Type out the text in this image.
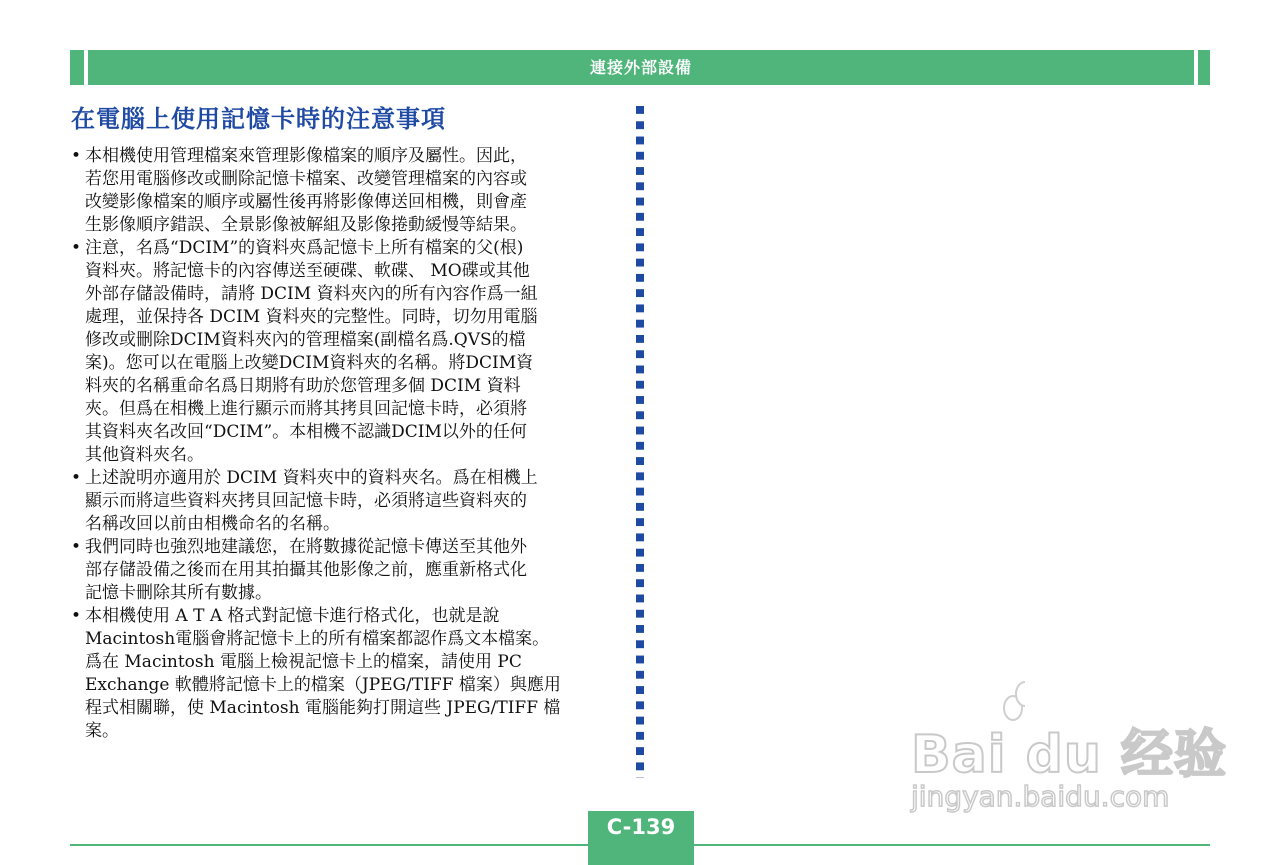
連接外部設備
在電腦上使用記憶卡時的注意事項
• 本相機使用管理檔案來管理影像檔案的順序及屬性。因此，
若您用電腦修改或刪除記憶卡檔案、改變管理檔案的內容或
改變影像檔案的順序或屬性後再將影像傳送回相機，則會產
生影像順序錯誤、全景影像被解組及影像捲動緩慢等結果。
• 注意，名爲“DCIM”的資料夾爲記憶卡上所有檔案的父(根)
資料夾。將記憶卡的內容傳送至硬碟、軟碟、 MO碟或其他
外部存儲設備時，請將 DCIM 資料夾內的所有內容作爲一組
處理，並保持各 DCIM 資料夾的完整性。同時，切勿用電腦
修改或刪除DCIM資料夾內的管理檔案(副檔名爲.QVS的檔
案)。您可以在電腦上改變DCIM資料夾的名稱。將DCIM資
料夾的名稱重命名爲日期將有助於您管理多個 DCIM 資料
夾。但爲在相機上進行顯示而將其拷貝回記憶卡時，必須將
其資料夾名改回“DCIM”。本相機不認識DCIM以外的任何
其他資料夾名。
• 上述說明亦適用於 DCIM 資料夾中的資料夾名。爲在相機上
顯示而將這些資料夾拷貝回記憶卡時，必須將這些資料夾的
名稱改回以前由相機命名的名稱。
• 我們同時也強烈地建議您，在將數據從記憶卡傳送至其他外
部存儲設備之後而在用其拍攝其他影像之前，應重新格式化
記憶卡刪除其所有數據。
• 本相機使用 A T A 格式對記憶卡進行格式化，也就是說
Macintosh電腦會將記憶卡上的所有檔案都認作爲文本檔案。
爲在 Macintosh 電腦上檢視記憶卡上的檔案，請使用 PC
Exchange 軟體將記憶卡上的檔案（JPEG/TIFF 檔案）與應用
程式相關聯，使 Macintosh 電腦能夠打開這些 JPEG/TIFF 檔
案。	Bai du 经验
jingyan.baidu.com
C-139
